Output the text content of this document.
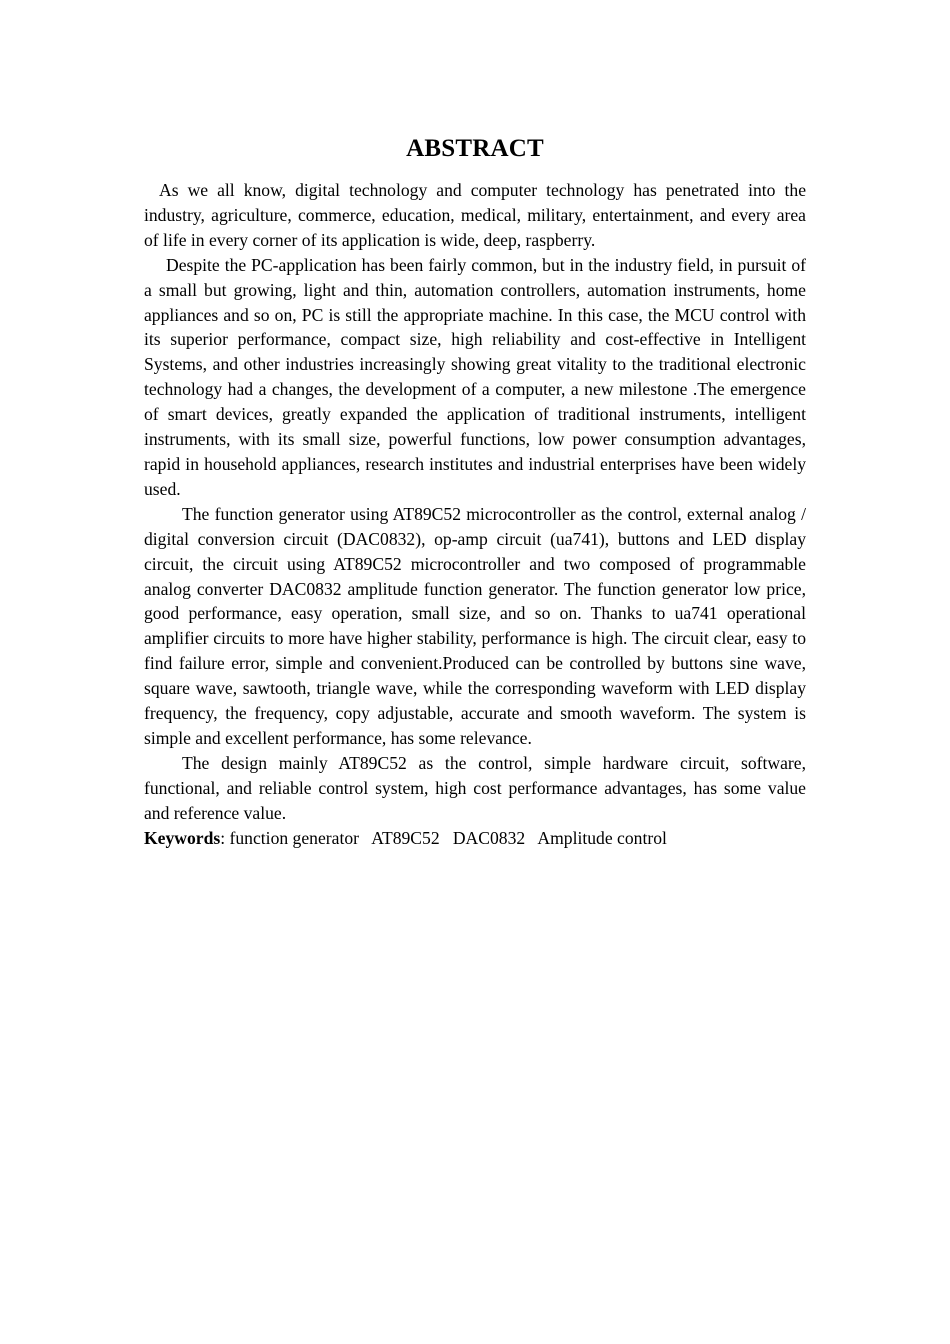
ABSTRACT

As we all know, digital technology and computer technology has penetrated into the industry, agriculture, commerce, education, medical, military, entertainment, and every area of life in every corner of its application is wide, deep, raspberry.

Despite the PC-application has been fairly common, but in the industry field, in pursuit of a small but growing, light and thin, automation controllers, automation instruments, home appliances and so on, PC is still the appropriate machine. In this case, the MCU control with its superior performance, compact size, high reliability and cost-effective in Intelligent Systems, and other industries increasingly showing great vitality to the traditional electronic technology had a changes, the development of a computer, a new milestone .The emergence of smart devices, greatly expanded the application of traditional instruments, intelligent instruments, with its small size, powerful functions, low power consumption advantages, rapid in household appliances, research institutes and industrial enterprises have been widely used.

The function generator using AT89C52 microcontroller as the control, external analog / digital conversion circuit (DAC0832), op-amp circuit (ua741), buttons and LED display circuit, the circuit using AT89C52 microcontroller and two composed of programmable analog converter DAC0832 amplitude function generator. The function generator low price, good performance, easy operation, small size, and so on. Thanks to ua741 operational amplifier circuits to more have higher stability, performance is high. The circuit clear, easy to find failure error, simple and convenient.Produced can be controlled by buttons sine wave, square wave, sawtooth, triangle wave, while the corresponding waveform with LED display frequency, the frequency, copy adjustable, accurate and smooth waveform. The system is simple and excellent performance, has some relevance.

The design mainly AT89C52 as the control, simple hardware circuit, software, functional, and reliable control system, high cost performance advantages, has some value and reference value.

Keywords: function generator   AT89C52   DAC0832   Amplitude control
